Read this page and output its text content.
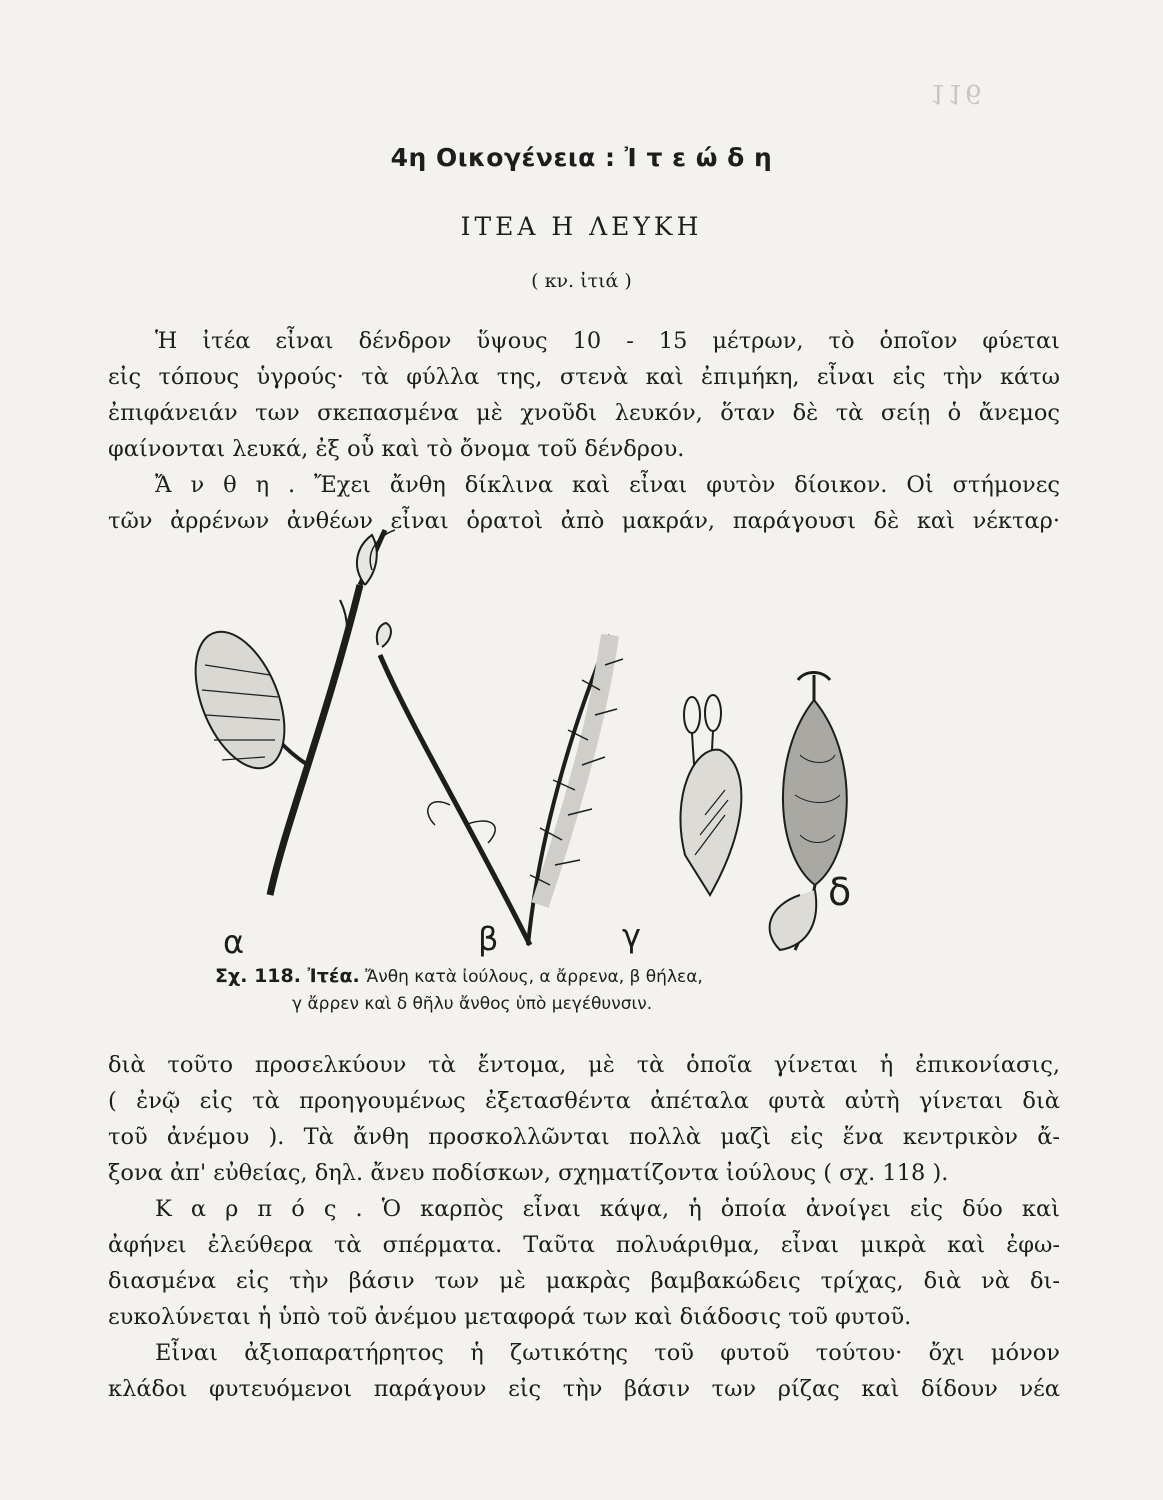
116
4η Οικογένεια : Ἰ τ ε ώ δ η
ΙΤΕΑ Η ΛΕΥΚΗ
( κν. ἰτιά )

Ἡ ἰτέα εἶναι δένδρον ὕψους 10 - 15 μέτρων, τὸ ὁποῖον φύεται
εἰς τόπους ὑγρούς· τὰ φύλλα της, στενὰ καὶ ἐπιμήκη, εἶναι εἰς τὴν κάτω
ἐπιφάνειάν των σκεπασμένα μὲ χνοῦδι λευκόν, ὅταν δὲ τὰ σείῃ ὁ ἄνεμος
φαίνονται λευκά, ἐξ οὗ καὶ τὸ ὄνομα τοῦ δένδρου.

Ἄ ν θ η . Ἔχει ἄνθη δίκλινα καὶ εἶναι φυτὸν δίοικον. Οἱ στήμονες
τῶν ἀρρένων ἀνθέων εἶναι ὁρατοὶ ἀπὸ μακράν, παράγουσι δὲ καὶ νέκταρ·

α	β	γ
δ
Σχ. 118. Ἰτέα. Ἄνθη κατὰ ἰούλους, α ἄρρενα, β θήλεα,
γ ἄρρεν καὶ δ θῆλυ ἄνθος ὑπὸ μεγέθυνσιν.

διὰ τοῦτο προσελκύουν τὰ ἔντομα, μὲ τὰ ὁποῖα γίνεται ἡ ἐπικονίασις,
( ἐνῷ εἰς τὰ προηγουμένως ἐξετασθέντα ἀπέταλα φυτὰ αὐτὴ γίνεται διὰ
τοῦ ἀνέμου ). Τὰ ἄνθη προσκολλῶνται πολλὰ μαζὶ εἰς ἕνα κεντρικὸν ἄ-
ξονα ἀπ' εὐθείας, δηλ. ἄνευ ποδίσκων, σχηματίζοντα ἰούλους ( σχ. 118 ).

Κ α ρ π ό ς . Ὁ καρπὸς εἶναι κάψα, ἡ ὁποία ἀνοίγει εἰς δύο καὶ
ἀφήνει ἐλεύθερα τὰ σπέρματα. Ταῦτα πολυάριθμα, εἶναι μικρὰ καὶ ἐφω-
διασμένα εἰς τὴν βάσιν των μὲ μακρὰς βαμβακώδεις τρίχας, διὰ νὰ δι-
ευκολύνεται ἡ ὑπὸ τοῦ ἀνέμου μεταφορά των καὶ διάδοσις τοῦ φυτοῦ.

Εἶναι ἀξιοπαρατήρητος ἡ ζωτικότης τοῦ φυτοῦ τούτου· ὄχι μόνον
κλάδοι φυτευόμενοι παράγουν εἰς τὴν βάσιν των ρίζας καὶ δίδουν νέα
